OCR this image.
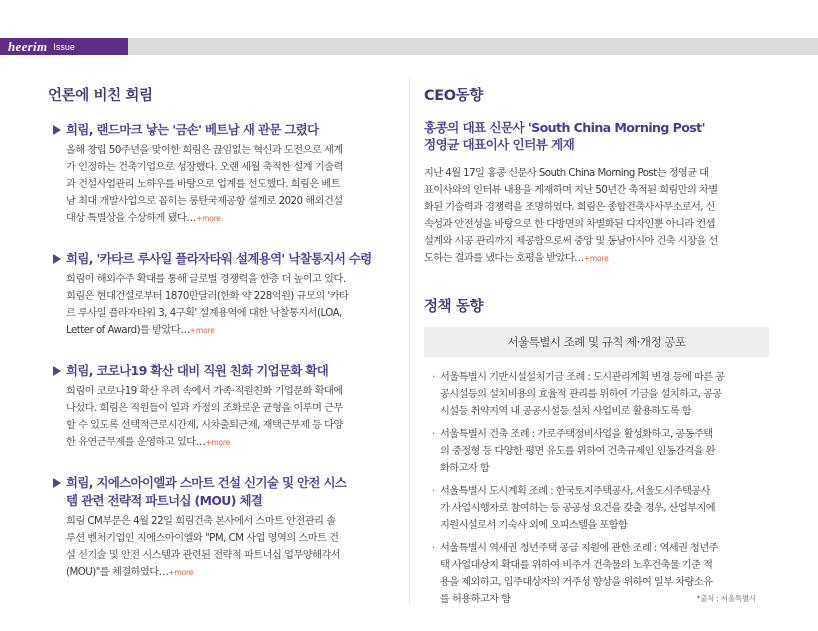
heerim Issue
언론에 비친 희림

희림, 랜드마크 낳는 '금손' 베트남 새 관문 그렸다

올해 창립 50주년을 맞이한 희림은 끊임없는 혁신과 도전으로 세계
가 인정하는 건축기업으로 성장했다. 오랜 세월 축적한 설계 기술력
과 건설사업관리 노하우를 바탕으로 업계를 선도했다. 희림은 베트
남 최대 개발사업으로 꼽히는 롱탄국제공항 설계로 2020 해외건설
대상 특별상을 수상하게 됐다…+more

희림, '카타르 루사일 플라자타워 설계용역' 낙찰통지서 수령

희림이 해외수주 확대를 통해 글로벌 경쟁력을 한층 더 높이고 있다.
희림은 현대건설로부터 1870만달러(한화 약 228억원) 규모의 '카타
르 루사일 플라자타워 3, 4구획' 설계용역에 대한 낙찰통지서(LOA,
Letter of Award)를 받았다…+more

희림, 코로나19 확산 대비 직원 친화 기업문화 확대

희림이 코로나19 확산 우려 속에서 가족·직원친화 기업문화 확대에
나섰다. 희림은 직원들이 일과 가정의 조화로운 균형을 이루며 근무
할 수 있도록 선택적근로시간제, 시차출퇴근제, 재택근무제 등 다양
한 유연근무제를 운영하고 있다…+more

희림, 지에스아이엘과 스마트 건설 신기술 및 안전 시스
템 관련 전략적 파트너십 (MOU) 체결

희림 CM부문은 4월 22일 희림건축 본사에서 스마트 안전관리 솔
루션 벤처기업인 지에스아이엘와 "PM, CM 사업 영역의 스마트 건
설 신기술 및 안전 시스템과 관련된 전략적 파트너십 업무양해각서
(MOU)"를 체결하였다…+more
CEO동향

홍콩의 대표 신문사 'South China Morning Post'
정영균 대표이사 인터뷰 게재

지난 4월 17일 홍콩 신문사 South China Morning Post는 정영균 대
표이사와의 인터뷰 내용을 게재하며 지난 50년간 축적된 희림만의 차별
화된 기술력과 경쟁력을 조명하였다. 희림은 종합건축사사무소로서, 신
속성과 안전성을 바탕으로 한 다방면의 차별화된 디자인뿐 아니라 컨셉
설계와 시공 관리까지 제공함으로써 중앙 및 동남아시아 건축 시장을 선
도하는 결과를 냈다는 호평을 받았다…+more
정책 동향
서울특별시 조례 및 규칙 제·개정 공포
· 서울특별시 기반시설설치기금 조례 : 도시관리계획 변경 등에 따른 공
공시설등의 설치비용의 효율적 관리를 위하여 기금을 설치하고, 공공
시설등 취약지역 내 공공시설등 설치 사업비로 활용하도록 함
· 서울특별시 건축 조례 : 가로주택정비사업을 활성화하고, 공동주택
의 중정형 등 다양한 평면 유도를 위하여 건축규제인 인동간격을 완
화하고자 함
· 서울특별시 도시계획 조례 : 한국토지주택공사, 서울도시주택공사
가 사업시행자로 참여하는 등 공공성 요건을 갖출 경우, 산업부지에
지원시설로서 기숙사 외에 오피스텔을 포함함
· 서울특별시 역세권 청년주택 공급 지원에 관한 조례 : 역세권 청년주
택 사업대상지 확대를 위하여 비주거 건축물의 노후건축물 기준 적
용을 제외하고, 입주대상자의 거주성 향상을 위하여 일부 차량소유
를 허용하고자 함	*출처 : 서울특별시
